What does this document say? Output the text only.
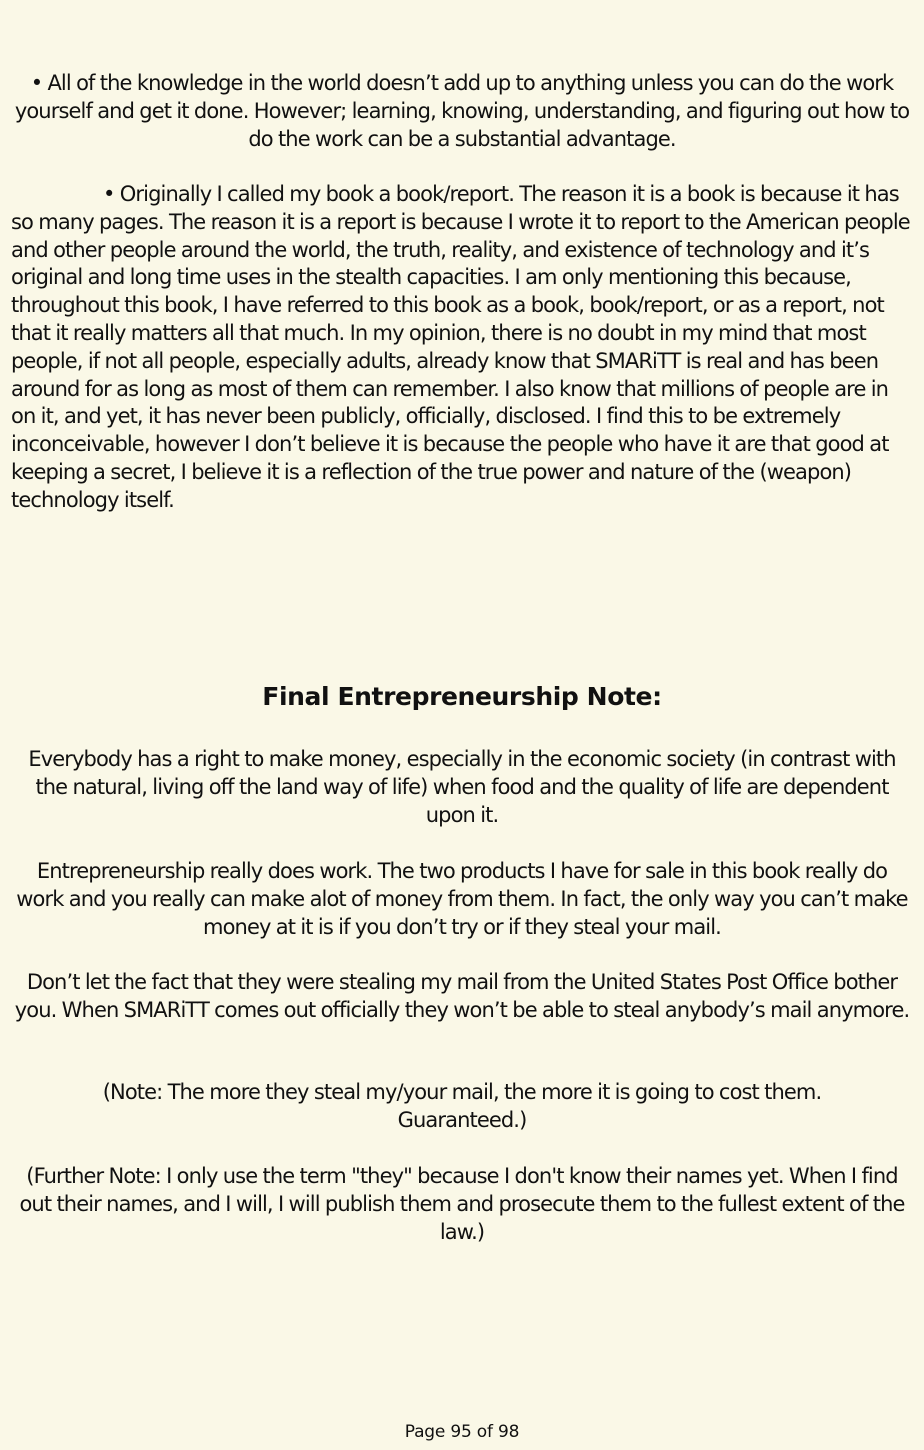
• All of the knowledge in the world doesn’t add up to anything unless you can do the work yourself and get it done. However; learning, knowing, understanding, and figuring out how to do the work can be a substantial advantage.

• Originally I called my book a book/report. The reason it is a book is because it has so many pages. The reason it is a report is because I wrote it to report to the American people and other people around the world, the truth, reality, and existence of technology and it’s original and long time uses in the stealth capacities. I am only mentioning this because, throughout this book, I have referred to this book as a book, book/report, or as a report, not that it really matters all that much. In my opinion, there is no doubt in my mind that most people, if not all people, especially adults, already know that SMARiTT is real and has been around for as long as most of them can remember. I also know that millions of people are in on it, and yet, it has never been publicly, officially, disclosed. I find this to be extremely inconceivable, however I don’t believe it is because the people who have it are that good at keeping a secret, I believe it is a reflection of the true power and nature of the (weapon) technology itself.

Final Entrepreneurship Note:

Everybody has a right to make money, especially in the economic society (in contrast with the natural, living off the land way of life) when food and the quality of life are dependent upon it.

Entrepreneurship really does work. The two products I have for sale in this book really do work and you really can make alot of money from them. In fact, the only way you can’t make money at it is if you don’t try or if they steal your mail.

Don’t let the fact that they were stealing my mail from the United States Post Office bother you. When SMARiTT comes out officially they won’t be able to steal anybody’s mail anymore.

(Note: The more they steal my/your mail, the more it is going to cost them. Guaranteed.)

(Further Note: I only use the term "they" because I don't know their names yet. When I find out their names, and I will, I will publish them and prosecute them to the fullest extent of the law.)

Page 95 of 98
